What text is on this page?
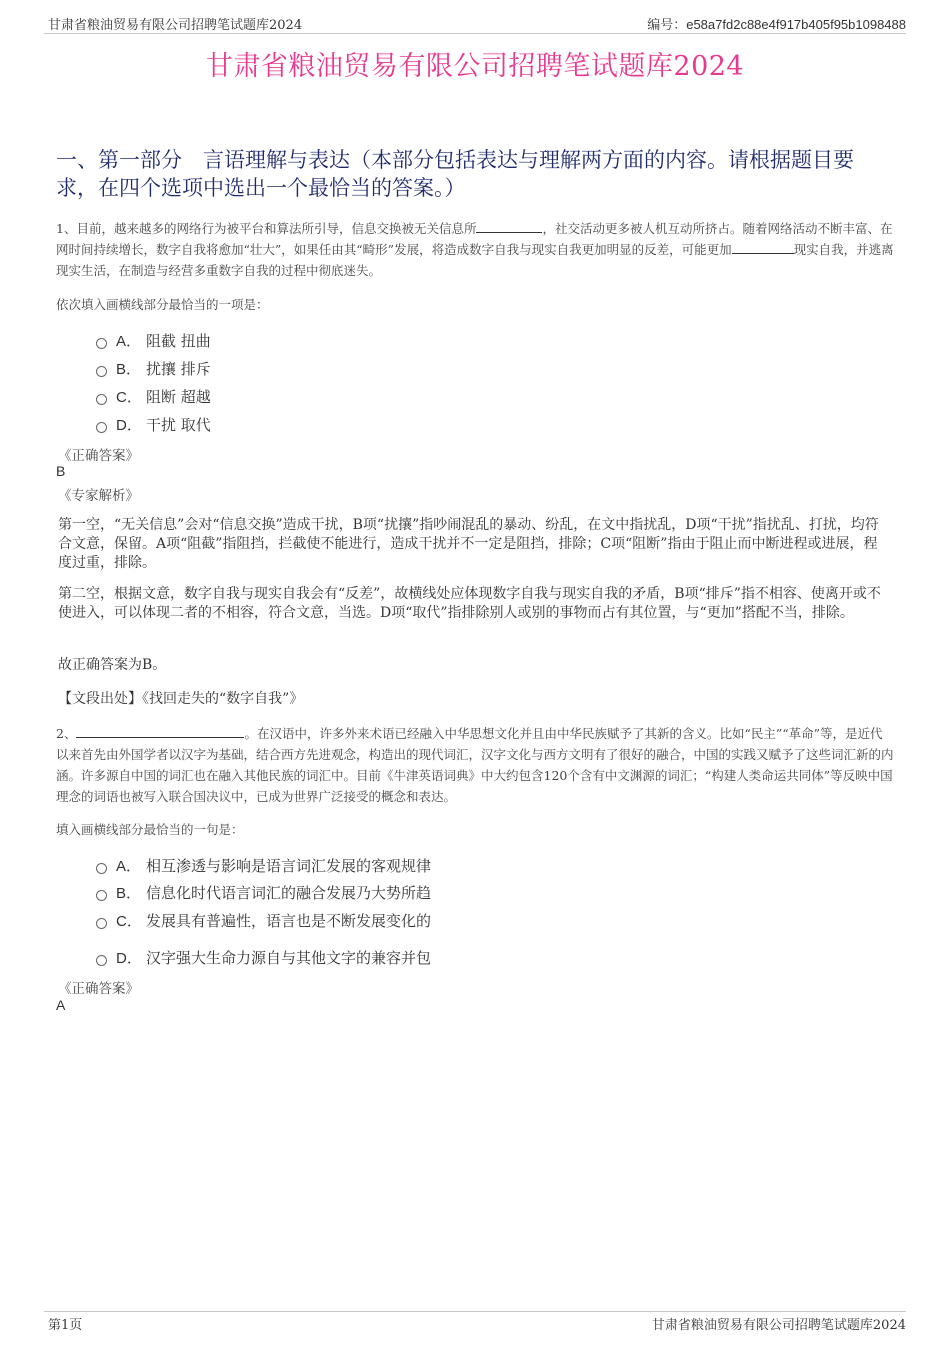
甘肃省粮油贸易有限公司招聘笔试题库2024	编号：e58a7fd2c88e4f917b405f95b1098488
甘肃省粮油贸易有限公司招聘笔试题库2024
一、第一部分　言语理解与表达（本部分包括表达与理解两方面的内容。请根据题目要求，在四个选项中选出一个最恰当的答案。）
1、目前，越来越多的网络行为被平台和算法所引导，信息交换被无关信息所	，社交活动更多被人机互动所挤占。随着网络活动不断丰富、在网时间持续增长，数字自我将愈加“壮大”，如果任由其“畸形”发展，将造成数字自我与现实自我更加明显的反差，可能更加	现实自我，并逃离现实生活，在制造与经营多重数字自我的过程中彻底迷失。
依次填入画横线部分最恰当的一项是：
A． 阻截 扭曲
B． 扰攘 排斥
C． 阻断 超越
D． 干扰 取代
《正确答案》
B
《专家解析》
第一空，“无关信息”会对“信息交换”造成干扰，B项“扰攘”指吵闹混乱的暴动、纷乱，在文中指扰乱，D项“干扰”指扰乱、打扰，均符合文意，保留。A项“阻截”指阻挡，拦截使不能进行，造成干扰并不一定是阻挡，排除；C项“阻断”指由于阻止而中断进程或进展，程度过重，排除。
第二空，根据文意，数字自我与现实自我会有“反差”，故横线处应体现数字自我与现实自我的矛盾，B项“排斥”指不相容、使离开或不使进入，可以体现二者的不相容，符合文意，当选。D项“取代”指排除别人或别的事物而占有其位置，与“更加”搭配不当，排除。
故正确答案为B。
【文段出处】《找回走失的“数字自我”》
2、	。在汉语中，许多外来术语已经融入中华思想文化并且由中华民族赋予了其新的含义。比如“民主”“革命”等，是近代以来首先由外国学者以汉字为基础，结合西方先进观念，构造出的现代词汇，汉字文化与西方文明有了很好的融合，中国的实践又赋予了这些词汇新的内涵。许多源自中国的词汇也在融入其他民族的词汇中。目前《牛津英语词典》中大约包含120个含有中文渊源的词汇；“构建人类命运共同体”等反映中国理念的词语也被写入联合国决议中，已成为世界广泛接受的概念和表达。
填入画横线部分最恰当的一句是：
A． 相互渗透与影响是语言词汇发展的客观规律
B． 信息化时代语言词汇的融合发展乃大势所趋
C． 发展具有普遍性，语言也是不断发展变化的
D． 汉字强大生命力源自与其他文字的兼容并包
《正确答案》
A
第1页	甘肃省粮油贸易有限公司招聘笔试题库2024
